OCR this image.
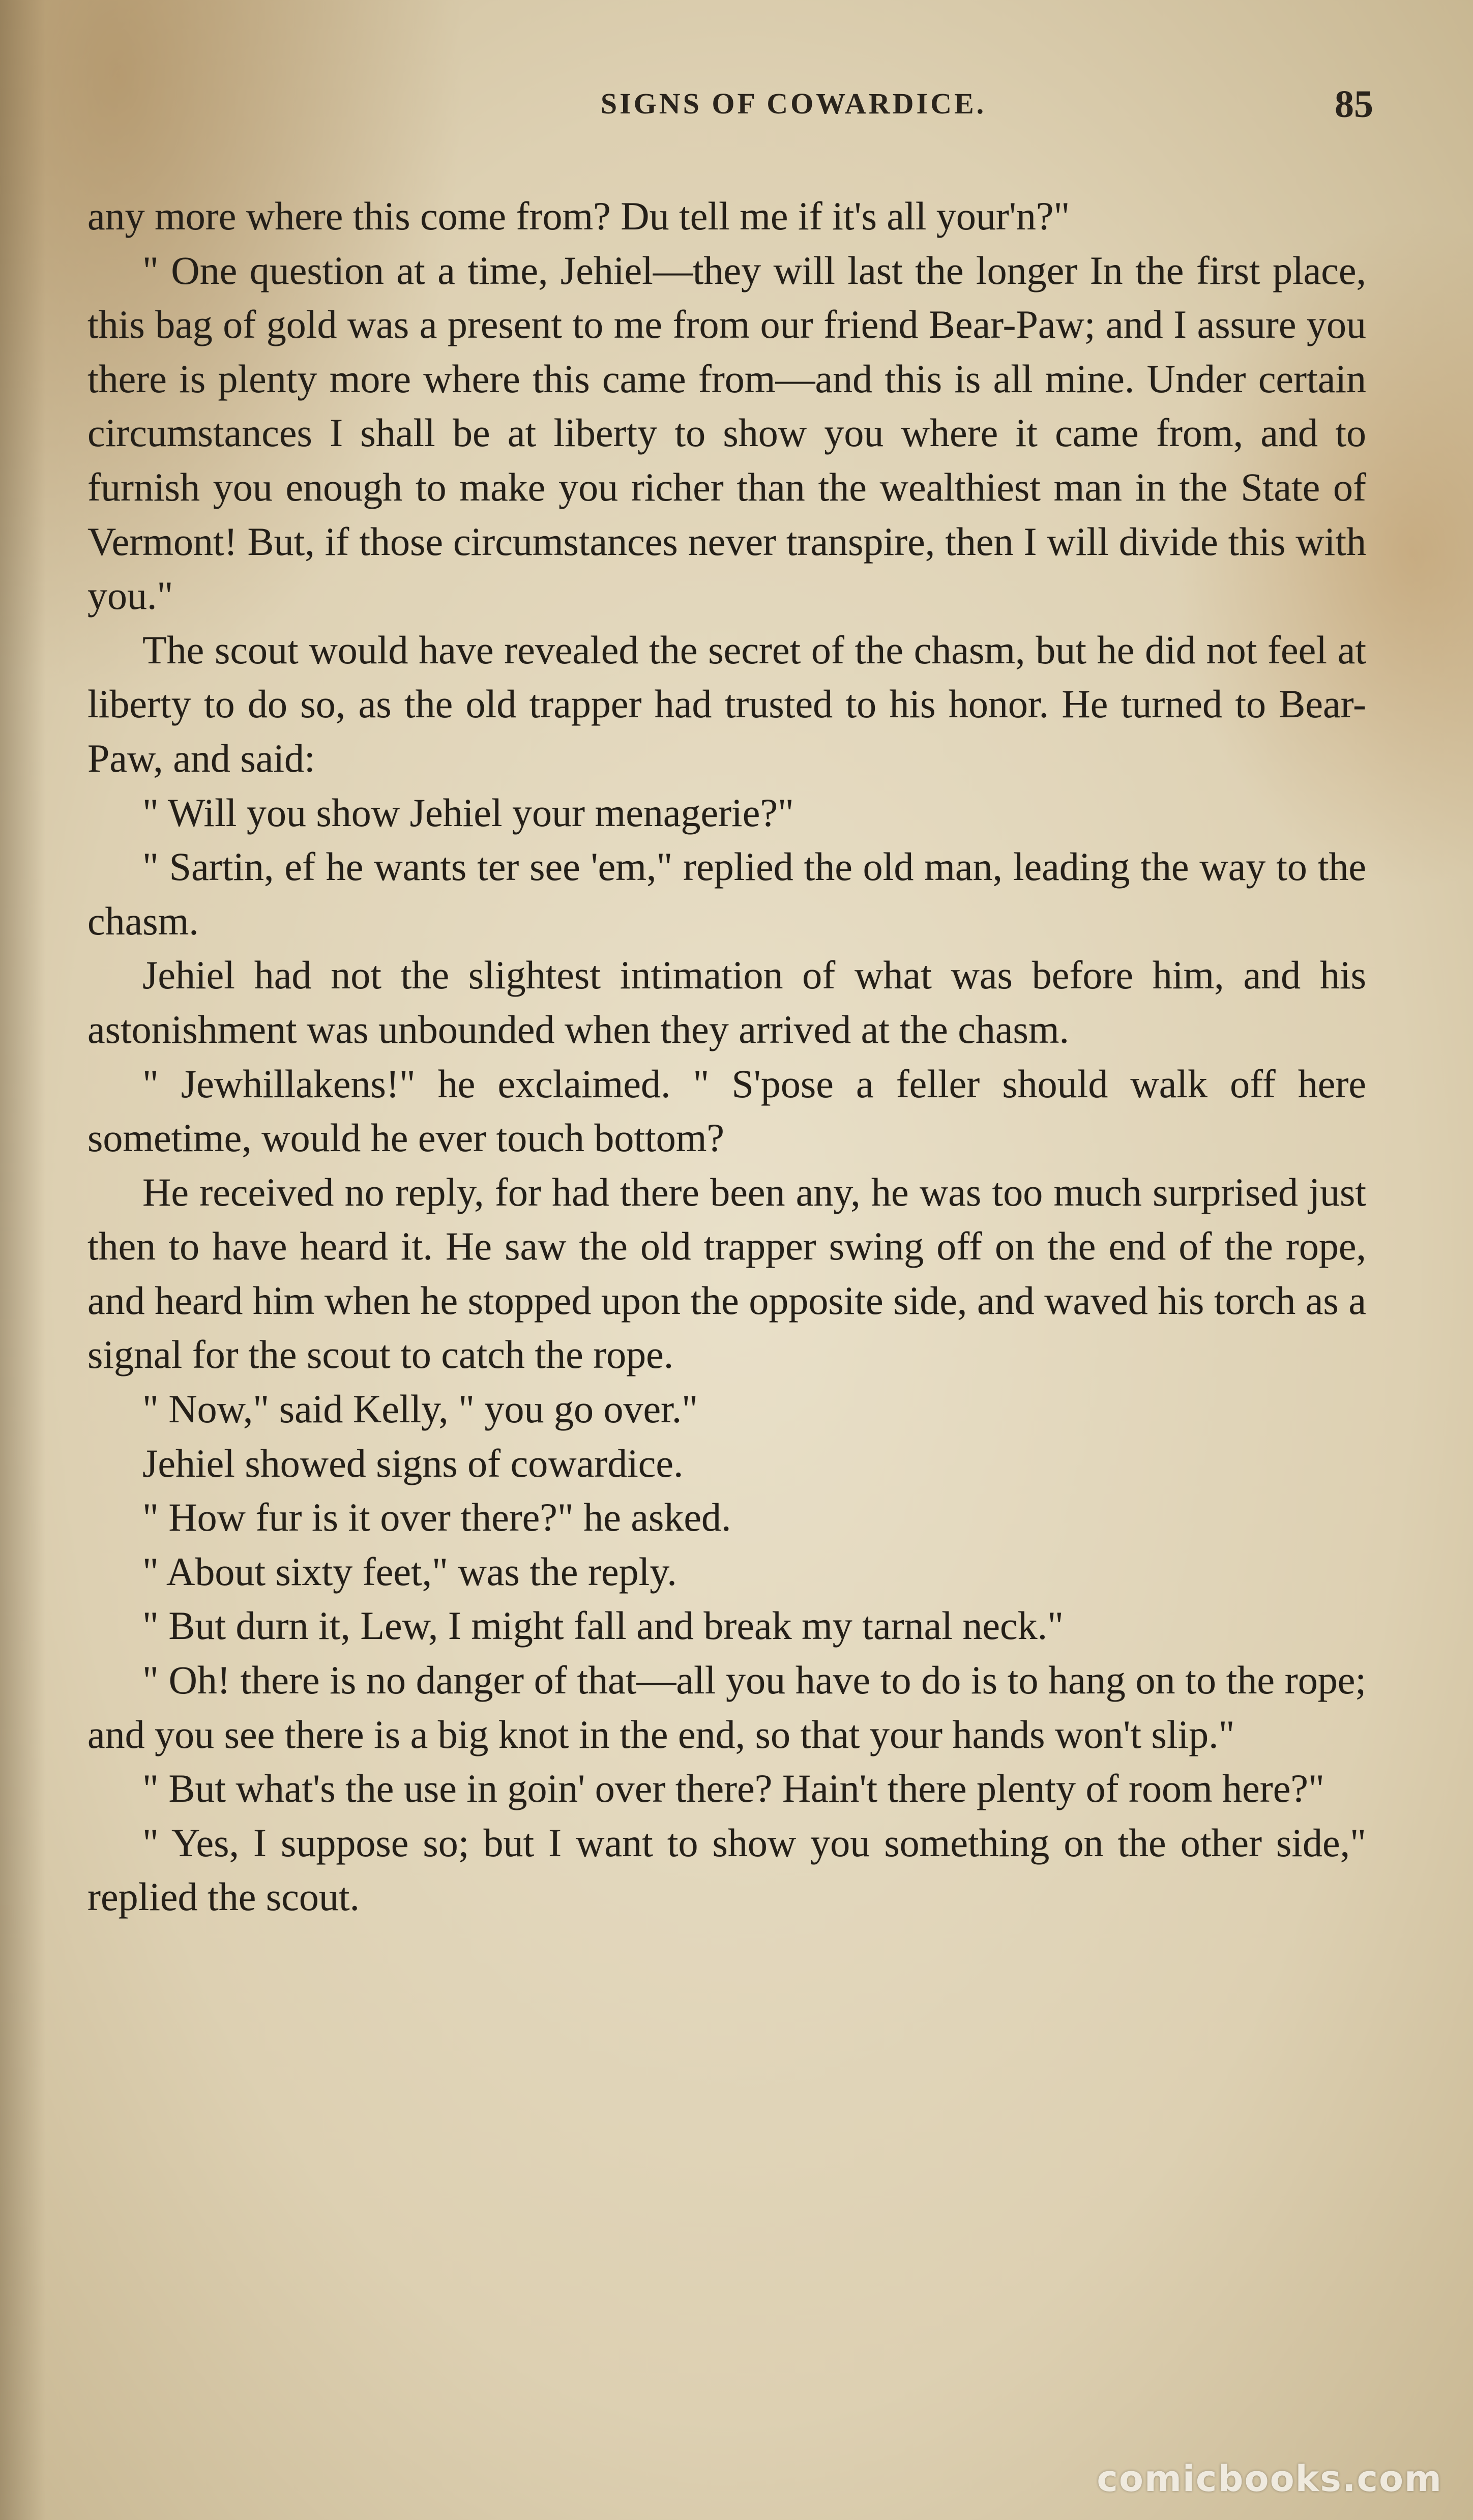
SIGNS OF COWARDICE.	85

any more where this come from? Du tell me if it's all your'n?"

" One question at a time, Jehiel—they will last the longer In the first place, this bag of gold was a present to me from our friend Bear-Paw; and I assure you there is plenty more where this came from—and this is all mine. Under certain circumstances I shall be at liberty to show you where it came from, and to furnish you enough to make you richer than the wealthiest man in the State of Vermont! But, if those circumstances never transpire, then I will divide this with you."

The scout would have revealed the secret of the chasm, but he did not feel at liberty to do so, as the old trapper had trusted to his honor. He turned to Bear-Paw, and said:

" Will you show Jehiel your menagerie?"

" Sartin, ef he wants ter see 'em," replied the old man, leading the way to the chasm.

Jehiel had not the slightest intimation of what was before him, and his astonishment was unbounded when they arrived at the chasm.

" Jewhillakens!" he exclaimed. " S'pose a feller should walk off here sometime, would he ever touch bottom?

He received no reply, for had there been any, he was too much surprised just then to have heard it. He saw the old trapper swing off on the end of the rope, and heard him when he stopped upon the opposite side, and waved his torch as a signal for the scout to catch the rope.

" Now," said Kelly, " you go over."

Jehiel showed signs of cowardice.

" How fur is it over there?" he asked.

" About sixty feet," was the reply.

" But durn it, Lew, I might fall and break my tarnal neck."

" Oh! there is no danger of that—all you have to do is to hang on to the rope; and you see there is a big knot in the end, so that your hands won't slip."

" But what's the use in goin' over there? Hain't there plenty of room here?"

" Yes, I suppose so; but I want to show you something on the other side," replied the scout.

comicbooks.com
